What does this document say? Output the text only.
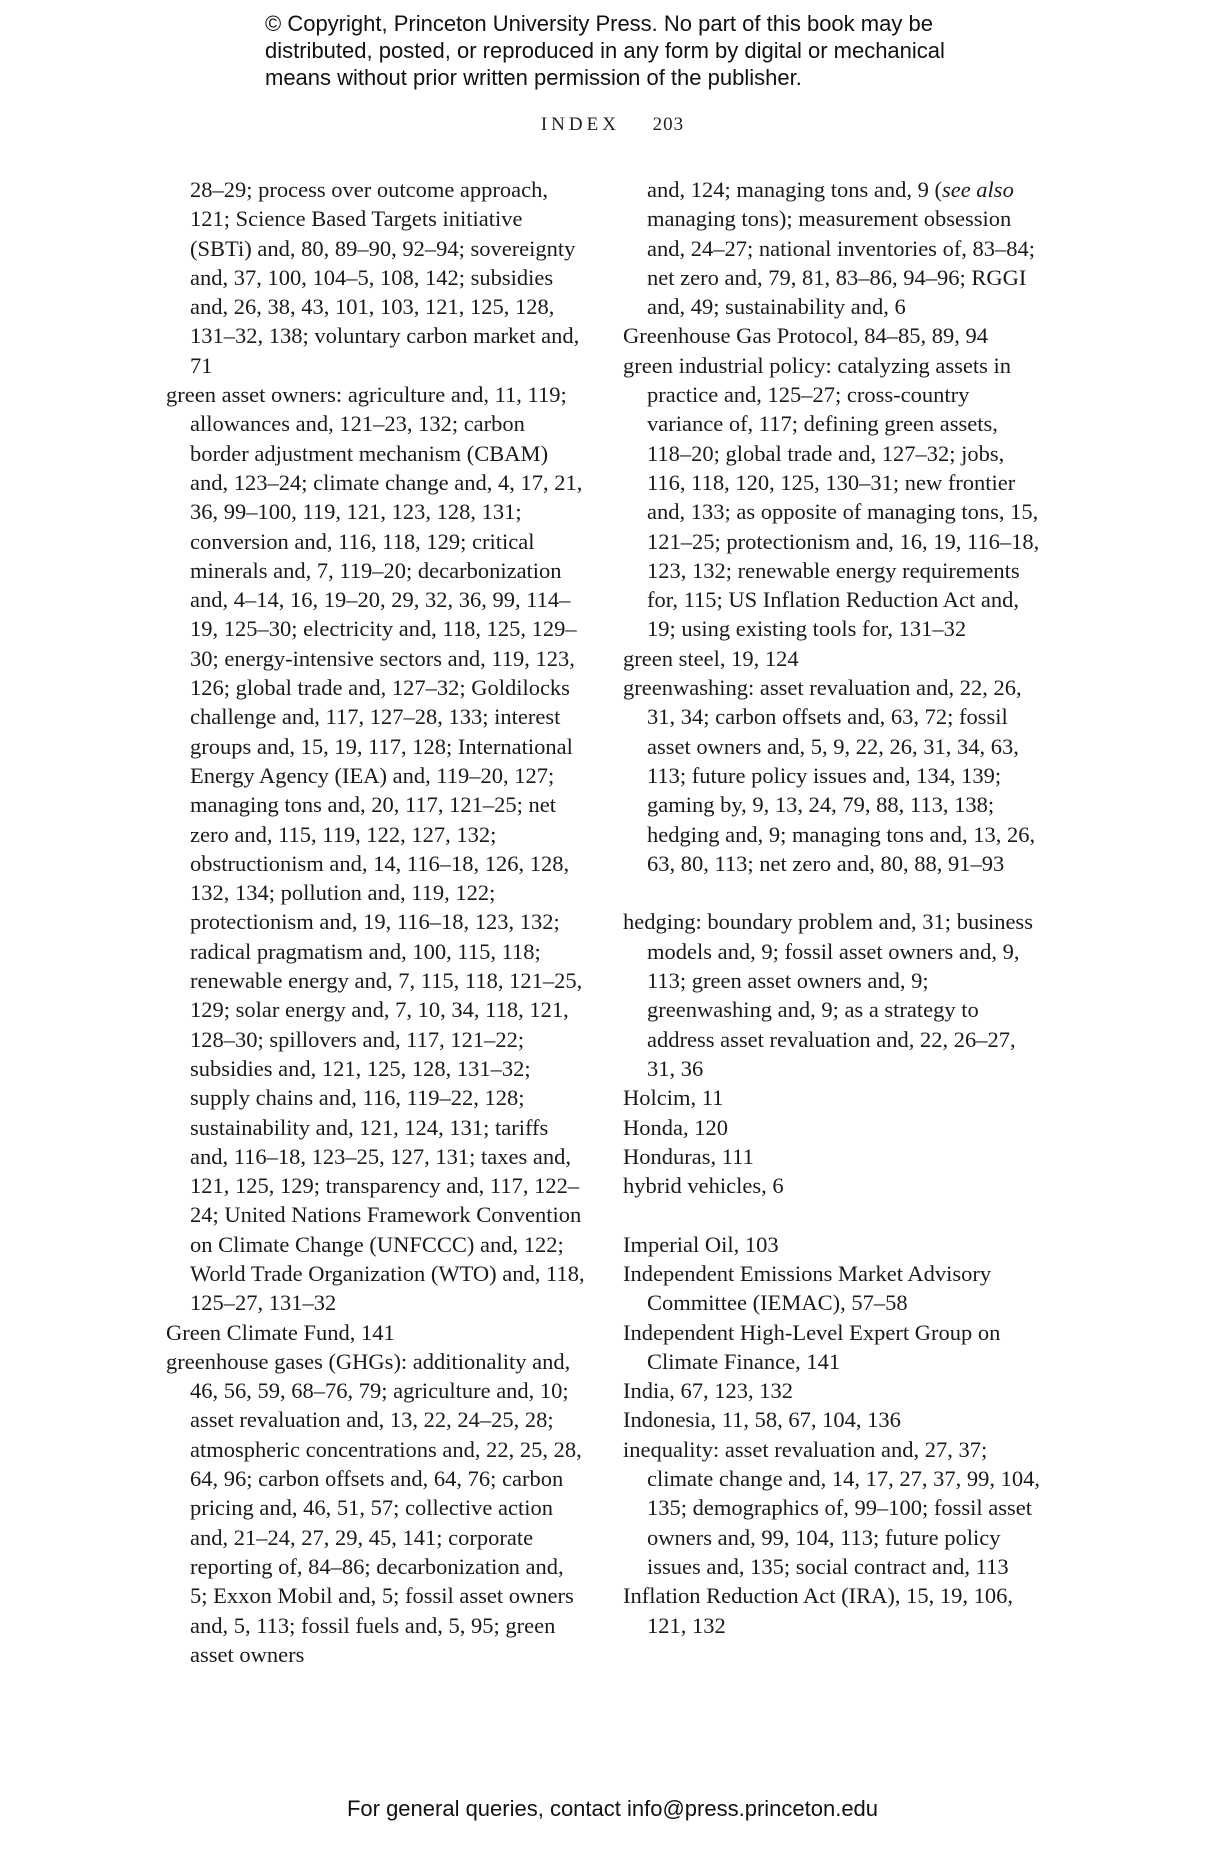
© Copyright, Princeton University Press. No part of this book may be
distributed, posted, or reproduced in any form by digital or mechanical
means without prior written permission of the publisher.
INDEX 203
28–29; process over outcome approach, 121; Science Based Targets initiative (SBTi) and, 80, 89–90, 92–94; sovereignty and, 37, 100, 104–5, 108, 142; subsidies and, 26, 38, 43, 101, 103, 121, 125, 128, 131–32, 138; voluntary carbon market and, 71
green asset owners: agriculture and, 11, 119; allowances and, 121–23, 132; carbon border adjustment mechanism (CBAM) and, 123–24; climate change and, 4, 17, 21, 36, 99–100, 119, 121, 123, 128, 131; conversion and, 116, 118, 129; critical minerals and, 7, 119–20; decarbonization and, 4–14, 16, 19–20, 29, 32, 36, 99, 114–19, 125–30; electricity and, 118, 125, 129–30; energy-intensive sectors and, 119, 123, 126; global trade and, 127–32; Goldilocks challenge and, 117, 127–28, 133; interest groups and, 15, 19, 117, 128; International Energy Agency (IEA) and, 119–20, 127; managing tons and, 20, 117, 121–25; net zero and, 115, 119, 122, 127, 132; obstructionism and, 14, 116–18, 126, 128, 132, 134; pollution and, 119, 122; protectionism and, 19, 116–18, 123, 132; radical pragmatism and, 100, 115, 118; renewable energy and, 7, 115, 118, 121–25, 129; solar energy and, 7, 10, 34, 118, 121, 128–30; spillovers and, 117, 121–22; subsidies and, 121, 125, 128, 131–32; supply chains and, 116, 119–22, 128; sustainability and, 121, 124, 131; tariffs and, 116–18, 123–25, 127, 131; taxes and, 121, 125, 129; transparency and, 117, 122–24; United Nations Framework Convention on Climate Change (UNFCCC) and, 122; World Trade Organization (WTO) and, 118, 125–27, 131–32
Green Climate Fund, 141
greenhouse gases (GHGs): additionality and, 46, 56, 59, 68–76, 79; agriculture and, 10; asset revaluation and, 13, 22, 24–25, 28; atmospheric concentrations and, 22, 25, 28, 64, 96; carbon offsets and, 64, 76; carbon pricing and, 46, 51, 57; collective action and, 21–24, 27, 29, 45, 141; corporate reporting of, 84–86; decarbonization and, 5; Exxon Mobil and, 5; fossil asset owners and, 5, 113; fossil fuels and, 5, 95; green asset owners
and, 124; managing tons and, 9 (see also managing tons); measurement obsession and, 24–27; national inventories of, 83–84; net zero and, 79, 81, 83–86, 94–96; RGGI and, 49; sustainability and, 6
Greenhouse Gas Protocol, 84–85, 89, 94
green industrial policy: catalyzing assets in practice and, 125–27; cross-country variance of, 117; defining green assets, 118–20; global trade and, 127–32; jobs, 116, 118, 120, 125, 130–31; new frontier and, 133; as opposite of managing tons, 15, 121–25; protectionism and, 16, 19, 116–18, 123, 132; renewable energy requirements for, 115; US Inflation Reduction Act and, 19; using existing tools for, 131–32
green steel, 19, 124
greenwashing: asset revaluation and, 22, 26, 31, 34; carbon offsets and, 63, 72; fossil asset owners and, 5, 9, 22, 26, 31, 34, 63, 113; future policy issues and, 134, 139; gaming by, 9, 13, 24, 79, 88, 113, 138; hedging and, 9; managing tons and, 13, 26, 63, 80, 113; net zero and, 80, 88, 91–93
hedging: boundary problem and, 31; business models and, 9; fossil asset owners and, 9, 113; green asset owners and, 9; greenwashing and, 9; as a strategy to address asset revaluation and, 22, 26–27, 31, 36
Holcim, 11
Honda, 120
Honduras, 111
hybrid vehicles, 6
Imperial Oil, 103
Independent Emissions Market Advisory Committee (IEMAC), 57–58
Independent High-Level Expert Group on Climate Finance, 141
India, 67, 123, 132
Indonesia, 11, 58, 67, 104, 136
inequality: asset revaluation and, 27, 37; climate change and, 14, 17, 27, 37, 99, 104, 135; demographics of, 99–100; fossil asset owners and, 99, 104, 113; future policy issues and, 135; social contract and, 113
Inflation Reduction Act (IRA), 15, 19, 106, 121, 132
For general queries, contact info@press.princeton.edu
